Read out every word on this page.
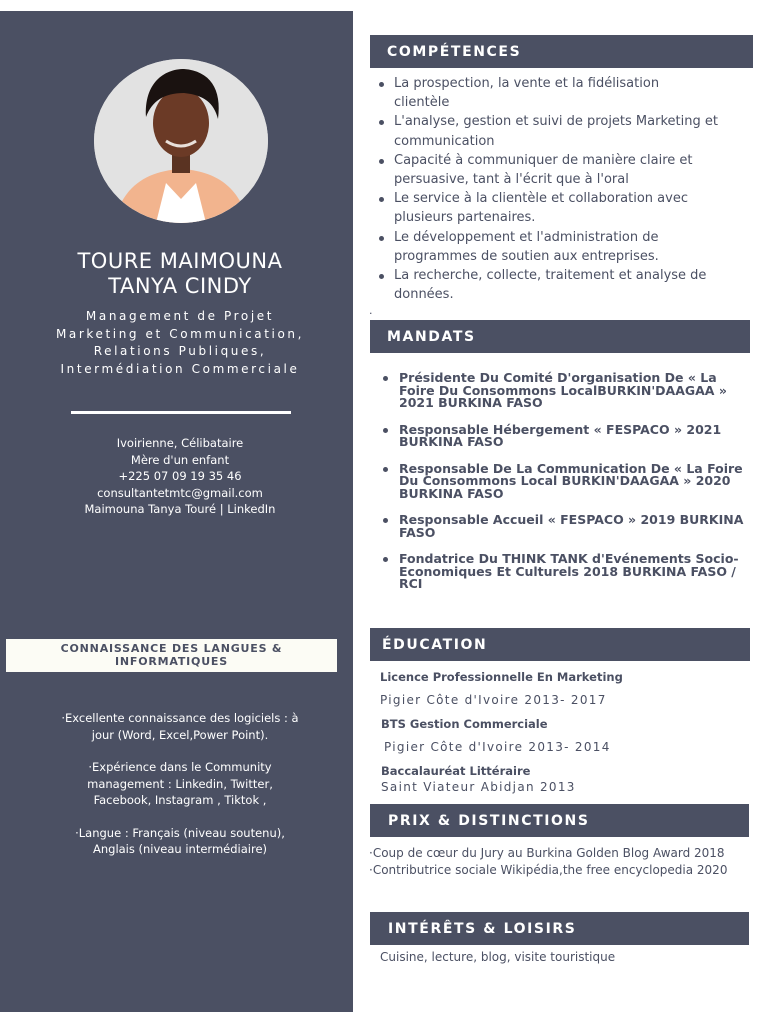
TOURE MAIMOUNA
TANYA CINDY
Management de Projet
Marketing et Communication,
Relations Publiques,
Intermédiation Commerciale
Ivoirienne, Célibataire
Mère d'un enfant
+225 07 09 19 35 46
consultantetmtc@gmail.com
Maimouna Tanya Touré | LinkedIn
CONNAISSANCE DES LANGUES &
INFORMATIQUES

·Excellente connaissance des logiciels : à
jour (Word, Excel,Power Point).

·Expérience dans le Community
management : Linkedin, Twitter,
Facebook, Instagram , Tiktok ,

·Langue : Français (niveau soutenu),
Anglais (niveau intermédiaire)

COMPÉTENCES
La prospection, la vente et la fidélisation
clientèle
L'analyse, gestion et suivi de projets Marketing et
communication
Capacité à communiquer de manière claire et
persuasive, tant à l'écrit que à l'oral
Le service à la clientèle et collaboration avec
plusieurs partenaires.
Le développement et l'administration de
programmes de soutien aux entreprises.
La recherche, collecte, traitement et analyse de
données.
.
MANDATS
Présidente Du Comité D'organisation De « La
Foire Du Consommons LocalBURKIN'DAAGAA »
2021 BURKINA FASO
Responsable Hébergement « FESPACO » 2021
BURKINA FASO
Responsable De La Communication De « La Foire
Du Consommons Local BURKIN'DAAGAA » 2020
BURKINA FASO
Responsable Accueil « FESPACO » 2019 BURKINA
FASO
Fondatrice Du THINK TANK d'Evénements Socio-
Economiques Et Culturels 2018 BURKINA FASO /
RCI
ÉDUCATION
Licence Professionnelle En Marketing
Pigier Côte d'Ivoire 2013- 2017
BTS Gestion Commerciale
Pigier Côte d'Ivoire 2013- 2014
Baccalauréat Littéraire
Saint Viateur Abidjan 2013
PRIX & DISTINCTIONS
·Coup de cœur du Jury au Burkina Golden Blog Award 2018
·Contributrice sociale Wikipédia,the free encyclopedia 2020
INTÉRÊTS & LOISIRS
Cuisine, lecture, blog, visite touristique
